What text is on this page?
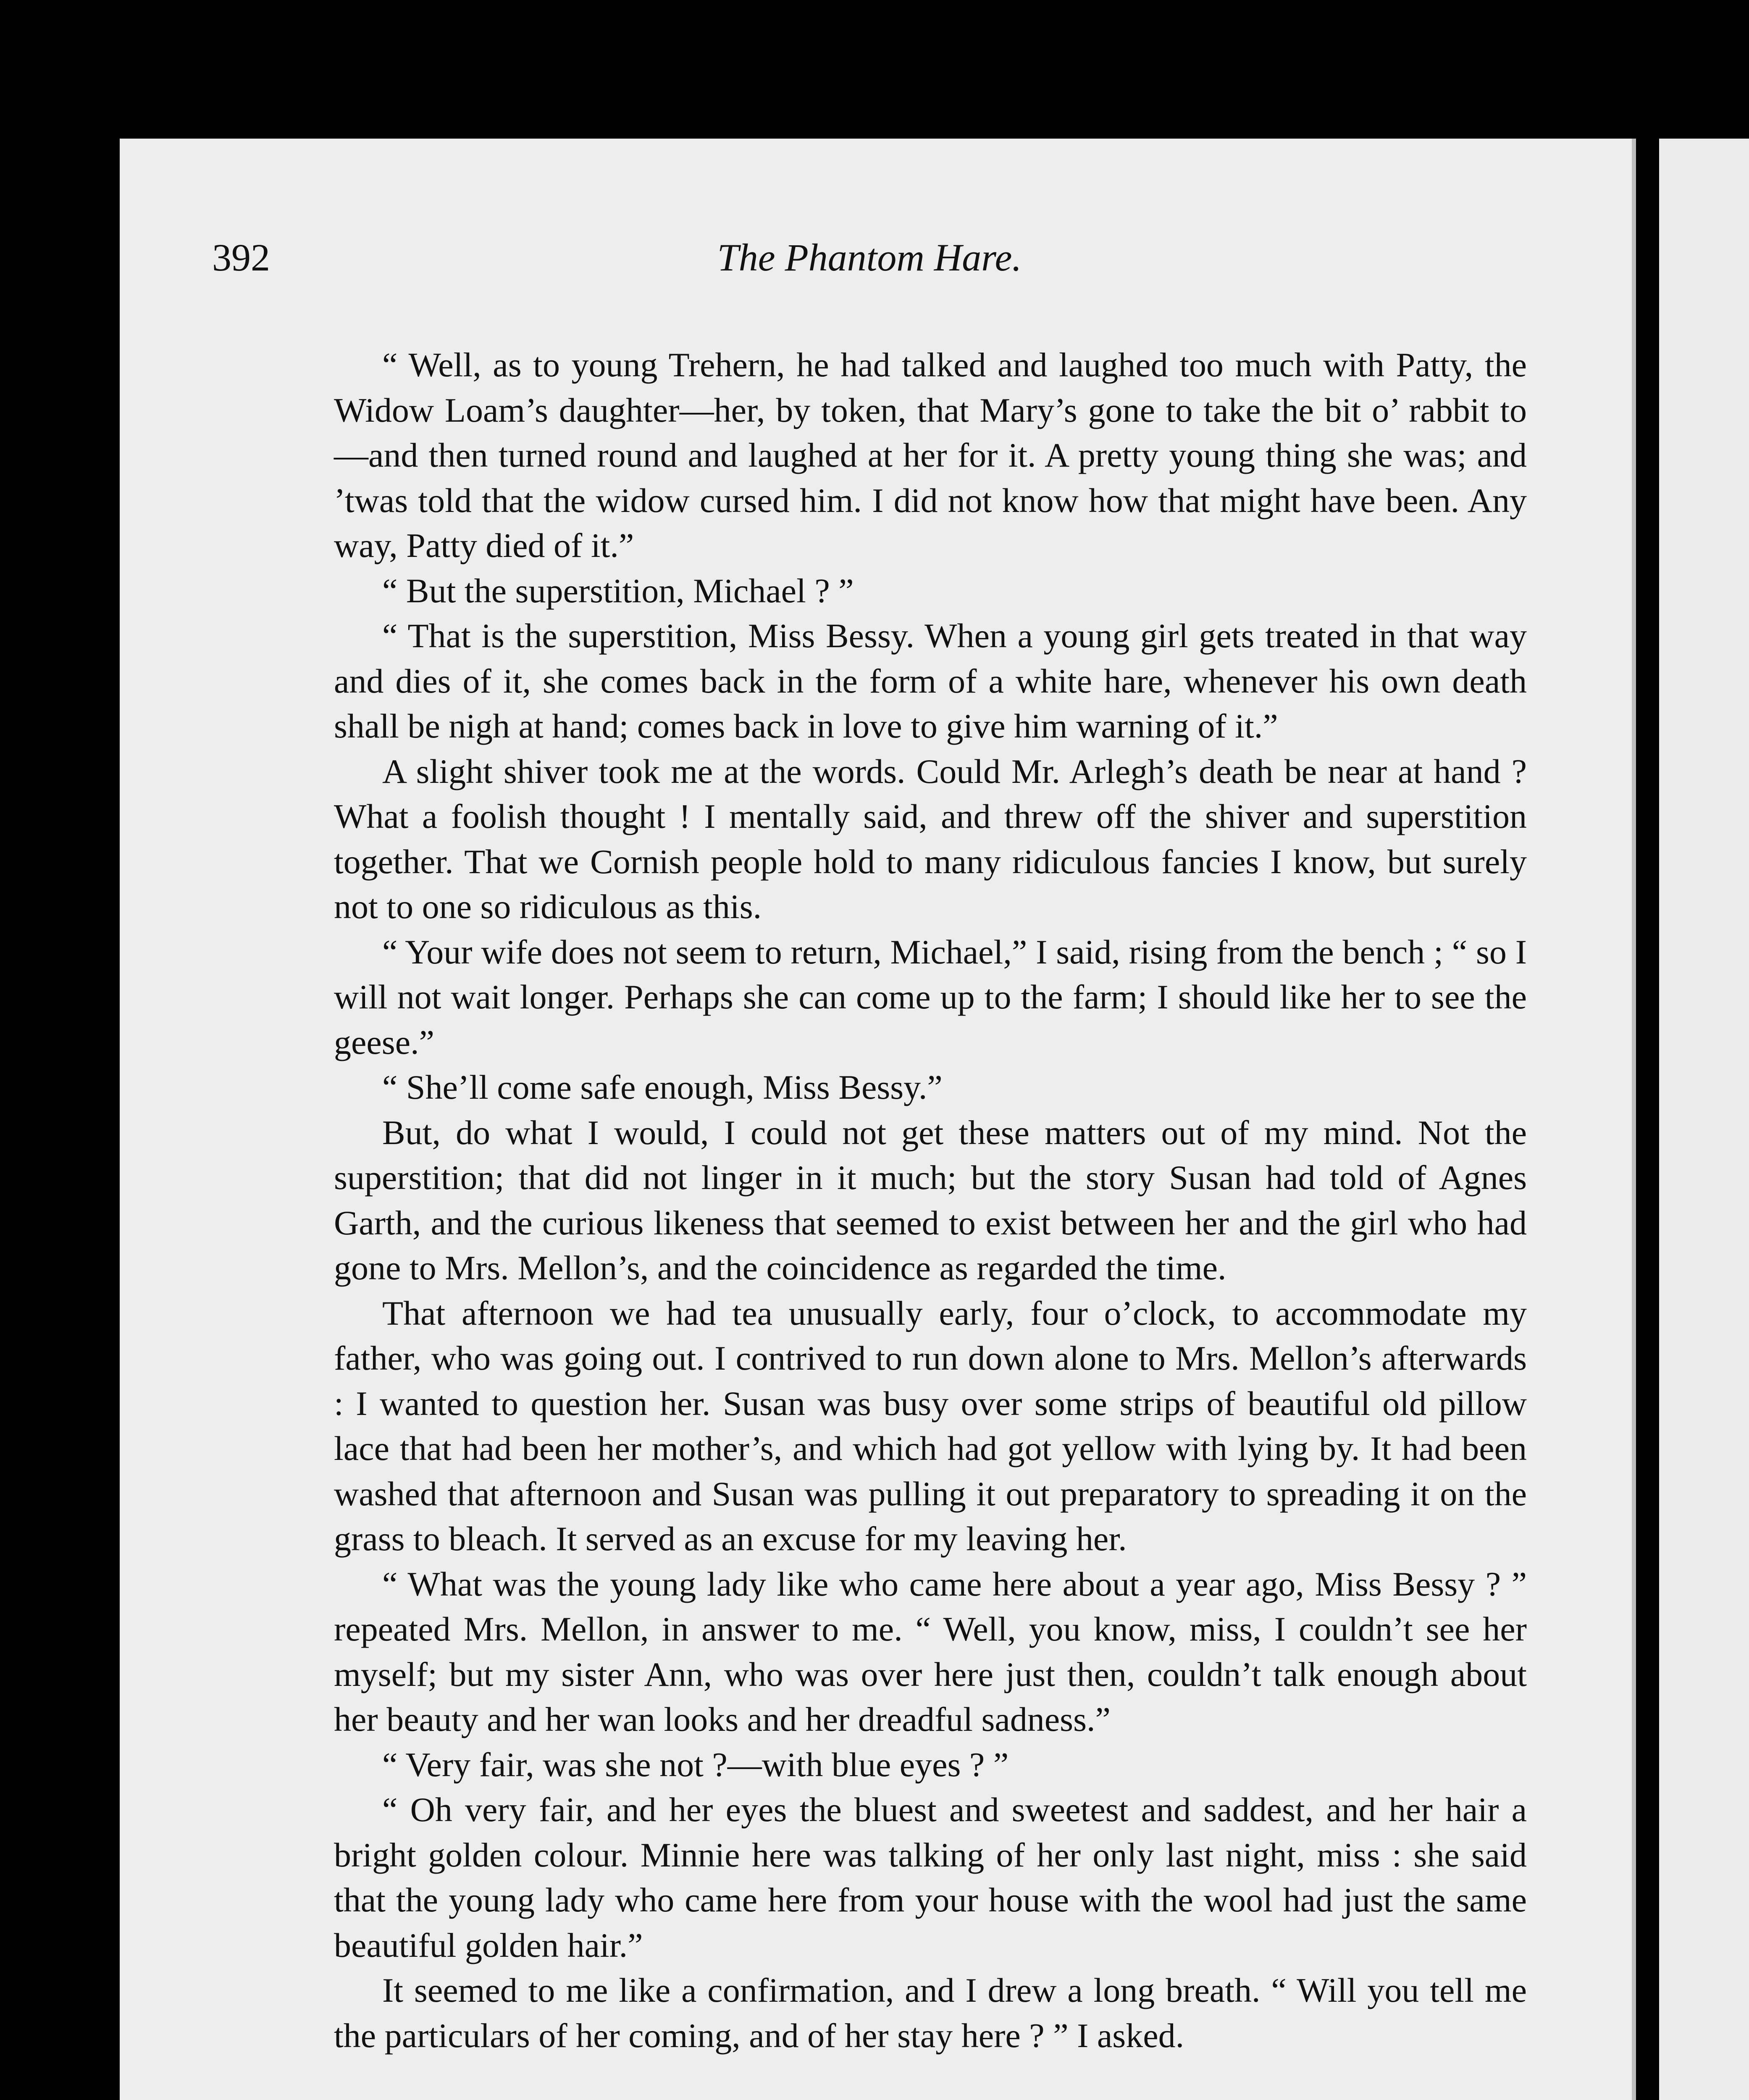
392	The Phantom Hare.

“ Well, as to young Trehern, he had talked and laughed too much with Patty, the Widow Loam’s daughter—her, by token, that Mary’s gone to take the bit o’ rabbit to—and then turned round and laughed at her for it. A pretty young thing she was; and ’twas told that the widow cursed him. I did not know how that might have been. Any way, Patty died of it.”

“ But the superstition, Michael ? ”

“ That is the superstition, Miss Bessy. When a young girl gets treated in that way and dies of it, she comes back in the form of a white hare, whenever his own death shall be nigh at hand; comes back in love to give him warning of it.”

A slight shiver took me at the words. Could Mr. Arlegh’s death be near at hand ? What a foolish thought ! I mentally said, and threw off the shiver and superstition together. That we Cornish people hold to many ridiculous fancies I know, but surely not to one so ridiculous as this.

“ Your wife does not seem to return, Michael,” I said, rising from the bench ; “ so I will not wait longer. Perhaps she can come up to the farm; I should like her to see the geese.”

“ She’ll come safe enough, Miss Bessy.”

But, do what I would, I could not get these matters out of my mind. Not the superstition; that did not linger in it much; but the story Susan had told of Agnes Garth, and the curious likeness that seemed to exist between her and the girl who had gone to Mrs. Mellon’s, and the coincidence as regarded the time.

That afternoon we had tea unusually early, four o’clock, to accommodate my father, who was going out. I contrived to run down alone to Mrs. Mellon’s afterwards : I wanted to question her. Susan was busy over some strips of beautiful old pillow lace that had been her mother’s, and which had got yellow with lying by. It had been washed that afternoon and Susan was pulling it out preparatory to spreading it on the grass to bleach. It served as an excuse for my leaving her.

“ What was the young lady like who came here about a year ago, Miss Bessy ? ” repeated Mrs. Mellon, in answer to me. “ Well, you know, miss, I couldn’t see her myself; but my sister Ann, who was over here just then, couldn’t talk enough about her beauty and her wan looks and her dreadful sadness.”

“ Very fair, was she not ?—with blue eyes ? ”

“ Oh very fair, and her eyes the bluest and sweetest and saddest, and her hair a bright golden colour. Minnie here was talking of her only last night, miss : she said that the young lady who came here from your house with the wool had just the same beautiful golden hair.”

It seemed to me like a confirmation, and I drew a long breath. “ Will you tell me the particulars of her coming, and of her stay here ? ” I asked.
